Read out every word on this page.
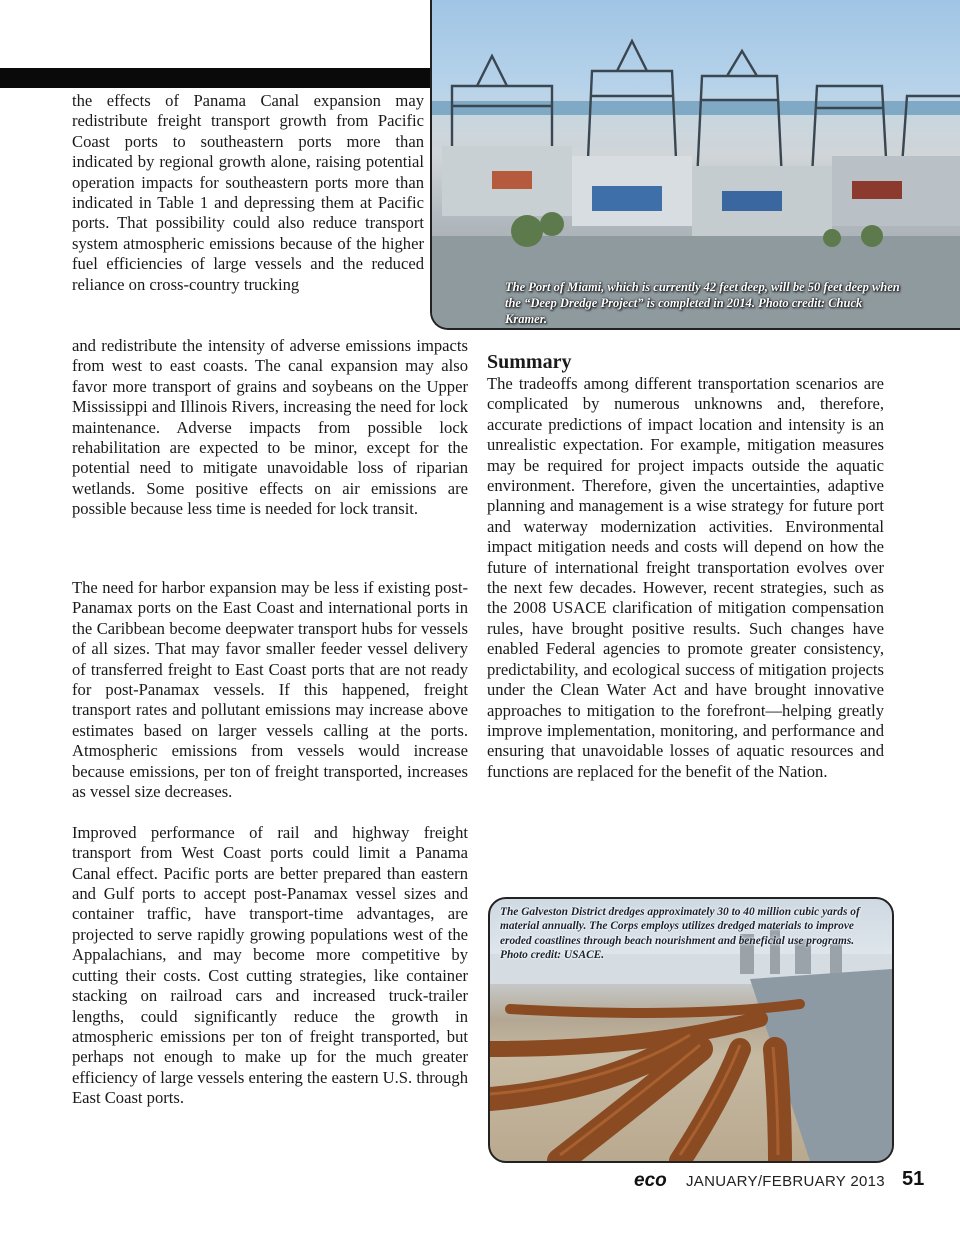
the effects of Panama Canal expansion may redistribute freight transport growth from Pacific Coast ports to southeastern ports more than indicated by regional growth alone, raising potential operation impacts for southeastern ports more than indicated in Table 1 and depressing them at Pacific ports. That possibility could also reduce transport system atmospheric emissions because of the higher fuel efficiencies of large vessels and the reduced reliance on cross-country trucking

and redistribute the intensity of adverse emissions impacts from west to east coasts. The canal expansion may also favor more transport of grains and soybeans on the Upper Mississippi and Illinois Rivers, increasing the need for lock maintenance. Adverse impacts from possible lock rehabilitation are expected to be minor, except for the potential need to mitigate unavoidable loss of riparian wetlands. Some positive effects on air emissions are possible because less time is needed for lock transit.

The need for harbor expansion may be less if existing post-Panamax ports on the East Coast and international ports in the Caribbean become deepwater transport hubs for vessels of all sizes. That may favor smaller feeder vessel delivery of transferred freight to East Coast ports that are not ready for post-Panamax vessels. If this happened, freight transport rates and pollutant emissions may increase above estimates based on larger vessels calling at the ports. Atmospheric emissions from vessels would increase because emissions, per ton of freight transported, increases as vessel size decreases.

Improved performance of rail and highway freight transport from West Coast ports could limit a Panama Canal effect. Pacific ports are better prepared than eastern and Gulf ports to accept post-Panamax vessel sizes and container traffic, have transport-time advantages, are projected to serve rapidly growing populations west of the Appalachians, and may become more competitive by cutting their costs. Cost cutting strategies, like container stacking on railroad cars and increased truck-trailer lengths, could significantly reduce the growth in atmospheric emissions per ton of freight transported, but perhaps not enough to make up for the much greater efficiency of large vessels entering the eastern U.S. through East Coast ports.

The Port of Miami, which is currently 42 feet deep, will be 50 feet deep when the “Deep Dredge Project” is completed in 2014. Photo credit: Chuck Kramer.

Summary

The tradeoffs among different transportation scenarios are complicated by numerous unknowns and, therefore, accurate predictions of impact location and intensity is an unrealistic expectation. For example, mitigation measures may be required for project impacts outside the aquatic environment. Therefore, given the uncertainties, adaptive planning and management is a wise strategy for future port and waterway modernization activities. Environmental impact mitigation needs and costs will depend on how the future of international freight transportation evolves over the next few decades. However, recent strategies, such as the 2008 USACE clarification of mitigation compensation rules, have brought positive results. Such changes have enabled Federal agencies to promote greater consistency, predictability, and ecological success of mitigation projects under the Clean Water Act and have brought innovative approaches to mitigation to the forefront—helping greatly improve implementation, monitoring, and performance and ensuring that unavoidable losses of aquatic resources and functions are replaced for the benefit of the Nation.

The Galveston District dredges approximately 30 to 40 million cubic yards of material annually. The Corps employs utilizes dredged materials to improve eroded coastlines through beach nourishment and beneficial use programs. Photo credit: USACE.

eco JANUARY/FEBRUARY 2013 51
